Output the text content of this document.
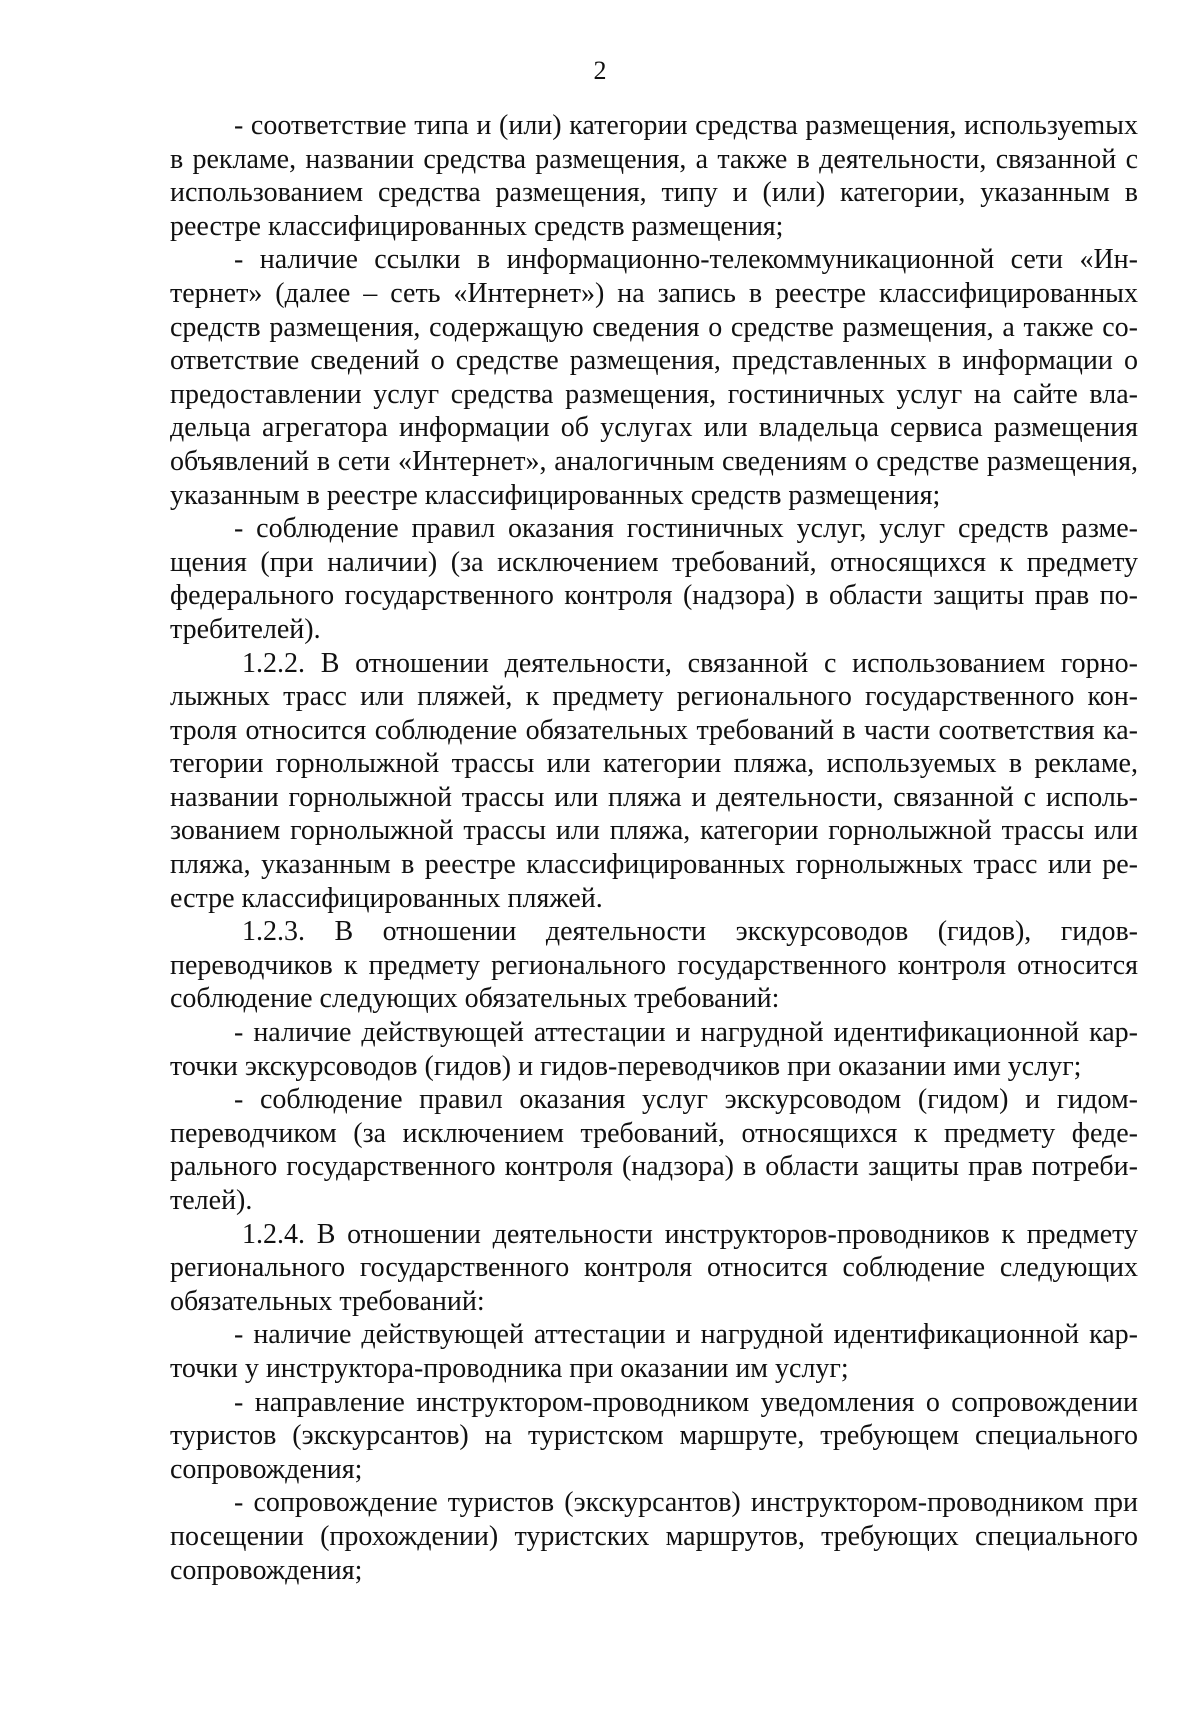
2

- соответствие типа и (или) категории средства размещения, используеmых в рекламе, названии средства размещения, а также в деятельности, связанной с использованием средства размещения, типу и (или) категории, указанным в реестре классифицированных средств размещения;

- наличие ссылки в информационно-телекоммуникационной сети «Интернет» (далее – сеть «Интернет») на запись в реестре классифицированных средств размещения, содержащую сведения о средстве размещения, а также соответствие сведений о средстве размещения, представленных в информации о предоставлении услуг средства размещения, гостиничных услуг на сайте владельца агрегатора информации об услугах или владельца сервиса размещения объявлений в сети «Интернет», аналогичным сведениям о средстве размещения, указанным в реестре классифицированных средств размещения;

- соблюдение правил оказания гостиничных услуг, услуг средств размещения (при наличии) (за исключением требований, относящихся к предмету федерального государственного контроля (надзора) в области защиты прав потребителей).

1.2.2. В отношении деятельности, связанной с использованием горнолыжных трасс или пляжей, к предмету регионального государственного контроля относится соблюдение обязательных требований в части соответствия категории горнолыжной трассы или категории пляжа, используемых в рекламе, названии горнолыжной трассы или пляжа и деятельности, связанной с использованием горнолыжной трассы или пляжа, категории горнолыжной трассы или пляжа, указанным в реестре классифицированных горнолыжных трасс или реестре классифицированных пляжей.

1.2.3. В отношении деятельности экскурсоводов (гидов), гидов-переводчиков к предмету регионального государственного контроля относится соблюдение следующих обязательных требований:

- наличие действующей аттестации и нагрудной идентификационной карточки экскурсоводов (гидов) и гидов-переводчиков при оказании ими услуг;

- соблюдение правил оказания услуг экскурсоводом (гидом) и гидом-переводчиком (за исключением требований, относящихся к предмету федерального государственного контроля (надзора) в области защиты прав потребителей).

1.2.4. В отношении деятельности инструкторов-проводников к предмету регионального государственного контроля относится соблюдение следующих обязательных требований:

- наличие действующей аттестации и нагрудной идентификационной карточки у инструктора-проводника при оказании им услуг;

- направление инструктором-проводником уведомления о сопровождении туристов (экскурсантов) на туристском маршруте, требующем специального сопровождения;

- сопровождение туристов (экскурсантов) инструктором-проводником при посещении (прохождении) туристских маршрутов, требующих специального сопровождения;
